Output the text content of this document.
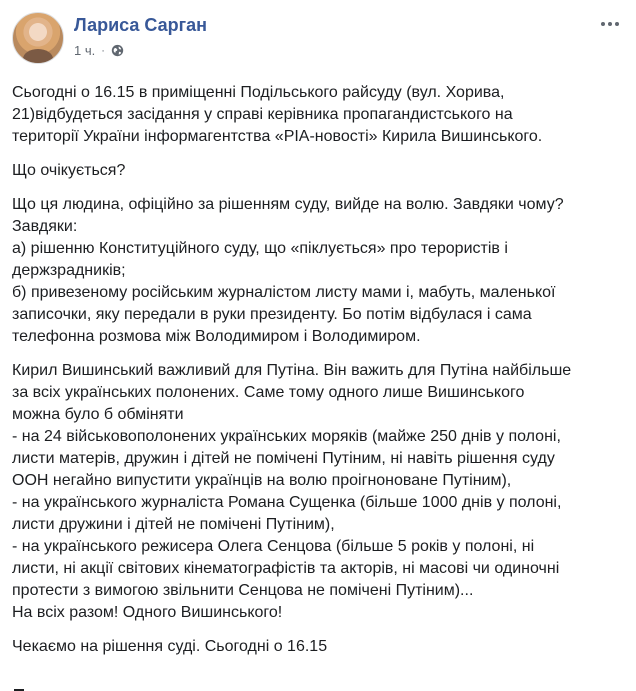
Лариса Сарган
1 ч. ·

Сьогодні о 16.15 в приміщенні Подільського райсуду (вул. Хорива,
21)відбудеться засідання у справі керівника пропагандистського на
території України інформагентства «РІА-новості» Кирила Вишинського.

Що очікується?

Що ця людина, офіційно за рішенням суду, вийде на волю. Завдяки чому?
Завдяки:
а) рішенню Конституційного суду, що «піклується» про терористів і
держзрадників;
б) привезеному російським журналістом листу мами і, мабуть, маленької
записочки, яку передали в руки президенту. Бо потім відбулася і сама
телефонна розмова між Володимиром і Володимиром.

Кирил Вишинський важливий для Путіна. Він важить для Путіна найбільше
за всіх українських полонених. Саме тому одного лише Вишинського
можна було б обміняти
- на 24 військовополонених українських моряків (майже 250 днів у полоні,
листи матерів, дружин і дітей не помічені Путіним, ні навіть рішення суду
ООН негайно випустити українців на волю проігноноване Путіним),
- на українського журналіста Романа Сущенка (більше 1000 днів у полоні,
листи дружини і дітей не помічені Путіним),
- на українського режисера Олега Сенцова (більше 5 років у полоні, ні
листи, ні акції світових кінематографістів та акторів, ні масові чи одиночні
протести з вимогою звільнити Сенцова не помічені Путіним)...
На всіх разом! Одного Вишинського!

Чекаємо на рішення суді. Сьогодні о 16.15
